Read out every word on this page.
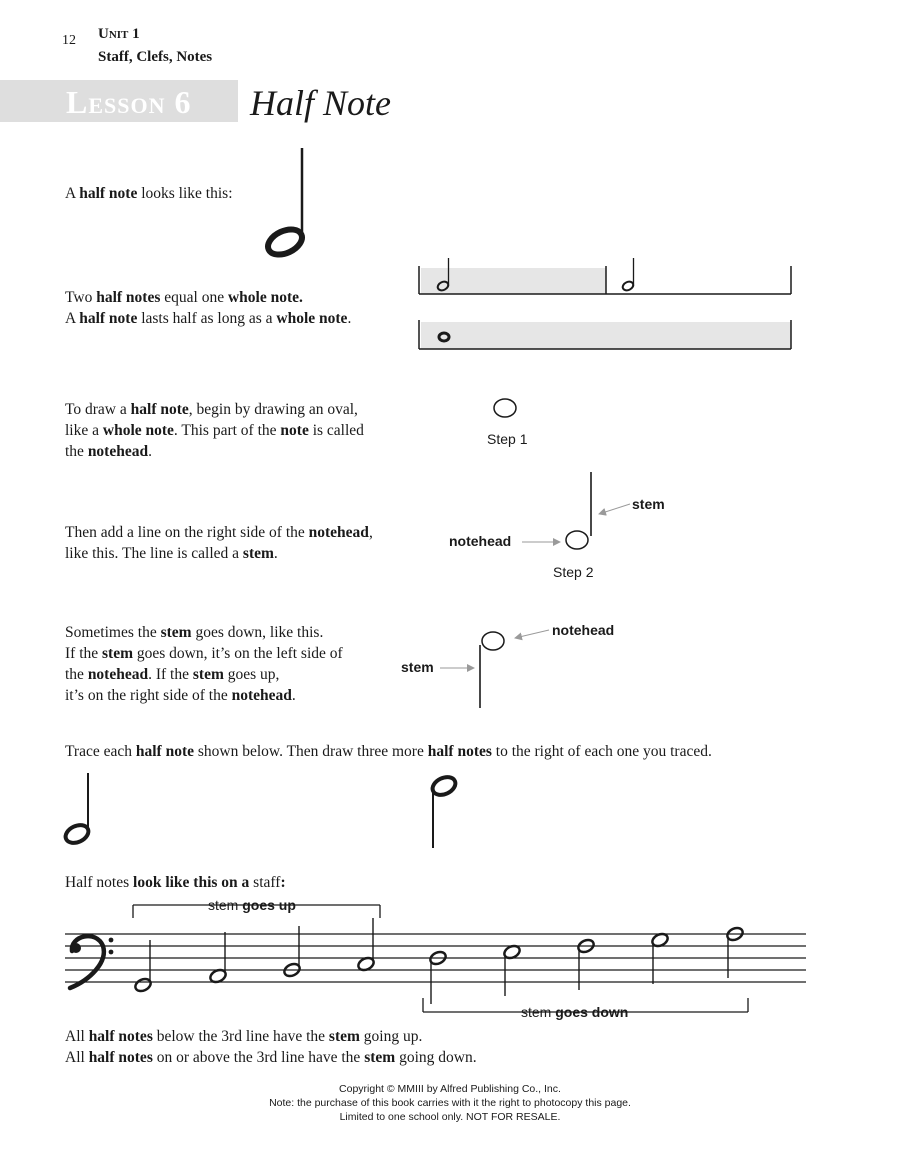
12 Unit 1
Staff, Clefs, Notes
Lesson 6 Half Note
A half note looks like this:
Two half notes equal one whole note.
A half note lasts half as long as a whole note.
To draw a half note, begin by drawing an oval,
like a whole note. This part of the note is called
the notehead.
Then add a line on the right side of the notehead,
like this. The line is called a stem.
Sometimes the stem goes down, like this.
If the stem goes down, it’s on the left side of
the notehead. If the stem goes up,
it’s on the right side of the notehead.
Trace each half note shown below. Then draw three more half notes to the right of each one you traced.
Half notes look like this on a staff:
All half notes below the 3rd line have the stem going up.
All half notes on or above the 3rd line have the stem going down.
Step 1
Step 2
stem
notehead
notehead
stem
stem goes up
stem goes down
Copyright © MMIII by Alfred Publishing Co., Inc.
Note: the purchase of this book carries with it the right to photocopy this page.
Limited to one school only. NOT FOR RESALE.
